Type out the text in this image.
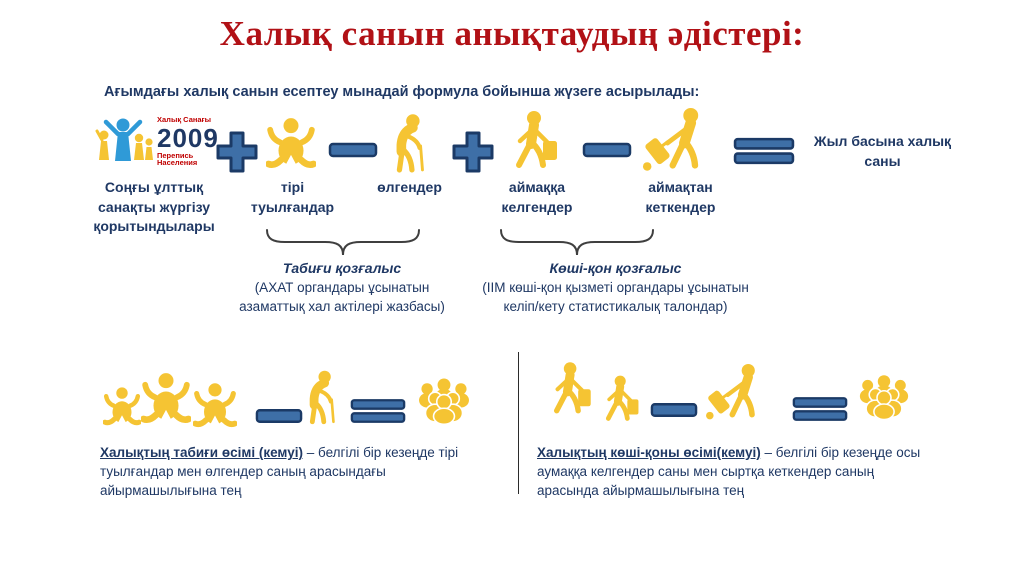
Халық санын анықтаудың әдістері:
Ағымдағы халық санын есептеу мынадай формула бойынша жүзеге асырылады:
Халық Санағы
2009
Перепись
Населения
Соңғы ұлттық санақты жүргізу қорытындылары
тірі туылғандар
өлгендер	аймаққа келгендер
аймақтан кеткендер
Жыл басына халық саны
Табиғи қозғалыс
(АХАТ органдары ұсынатын азаматтық хал актілері жазбасы)
Көші-қон қозғалыс
(ІІМ көші-қон қызметі органдары ұсынатын келіп/кету статистикалық талондар)
Халықтың табиғи өсімі (кемуі) – белгілі бір кезеңде тірі туылғандар мен өлгендер саның арасындағы айырмашылығына тең
Халықтың көші-қоны өсімі(кемуі) – белгілі бір кезеңде осы аумаққа келгендер саны мен сыртқа кеткендер саның арасында айырмашылығына тең
